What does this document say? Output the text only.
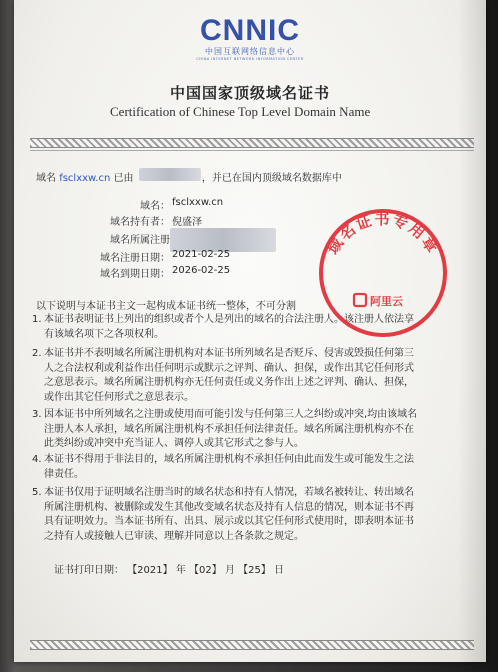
CNNIC
中国互联网络信息中心
CHINA INTERNET NETWORK INFORMATION CENTER
中国国家顶级域名证书
Certification of Chinese Top Level Domain Name
域名 fsclxxw.cn 已由	，并已在国内顶级域名数据库中
域名： fsclxxw.cn
域名持有者： 倪盛泽
域名所属注册
域名注册日期： 2021-02-25
域名到期日期： 2026-02-25
以下说明与本证书主文一起构成本证书统一整体，不可分割
1. 本证书表明证书上列出的组织或者个人是列出的域名的合法注册人。该注册人依法享有该域名项下之各项权利。
2. 本证书并不表明域名所属注册机构对本证书所列域名是否贬斥、侵害或毁损任何第三人之合法权利或利益作出任何明示或默示之评判、确认、担保，或作出其它任何形式之意思表示。域名所属注册机构亦无任何责任或义务作出上述之评判、确认、担保，或作出其它任何形式之意思表示。
3. 因本证书中所列域名之注册或使用而可能引发与任何第三人之纠纷或冲突,均由该域名注册人本人承担，域名所属注册机构不承担任何法律责任。域名所属注册机构亦不在此类纠纷或冲突中充当证人、调停人或其它形式之参与人。
4. 本证书不得用于非法目的，域名所属注册机构不承担任何由此而发生或可能发生之法律责任。
5. 本证书仅用于证明域名注册当时的域名状态和持有人情况，若域名被转让、转出域名所属注册机构、被删除或发生其他改变域名状态及持有人信息的情况，则本证书不再具有证明效力。当本证书所有、出具、展示或以其它任何形式使用时，即表明本证书之持有人或接触人已审读、理解并同意以上各条款之规定。
证书打印日期： 【2021】 年 【02】 月 【25】 日
域名证书专用章
阿里云
